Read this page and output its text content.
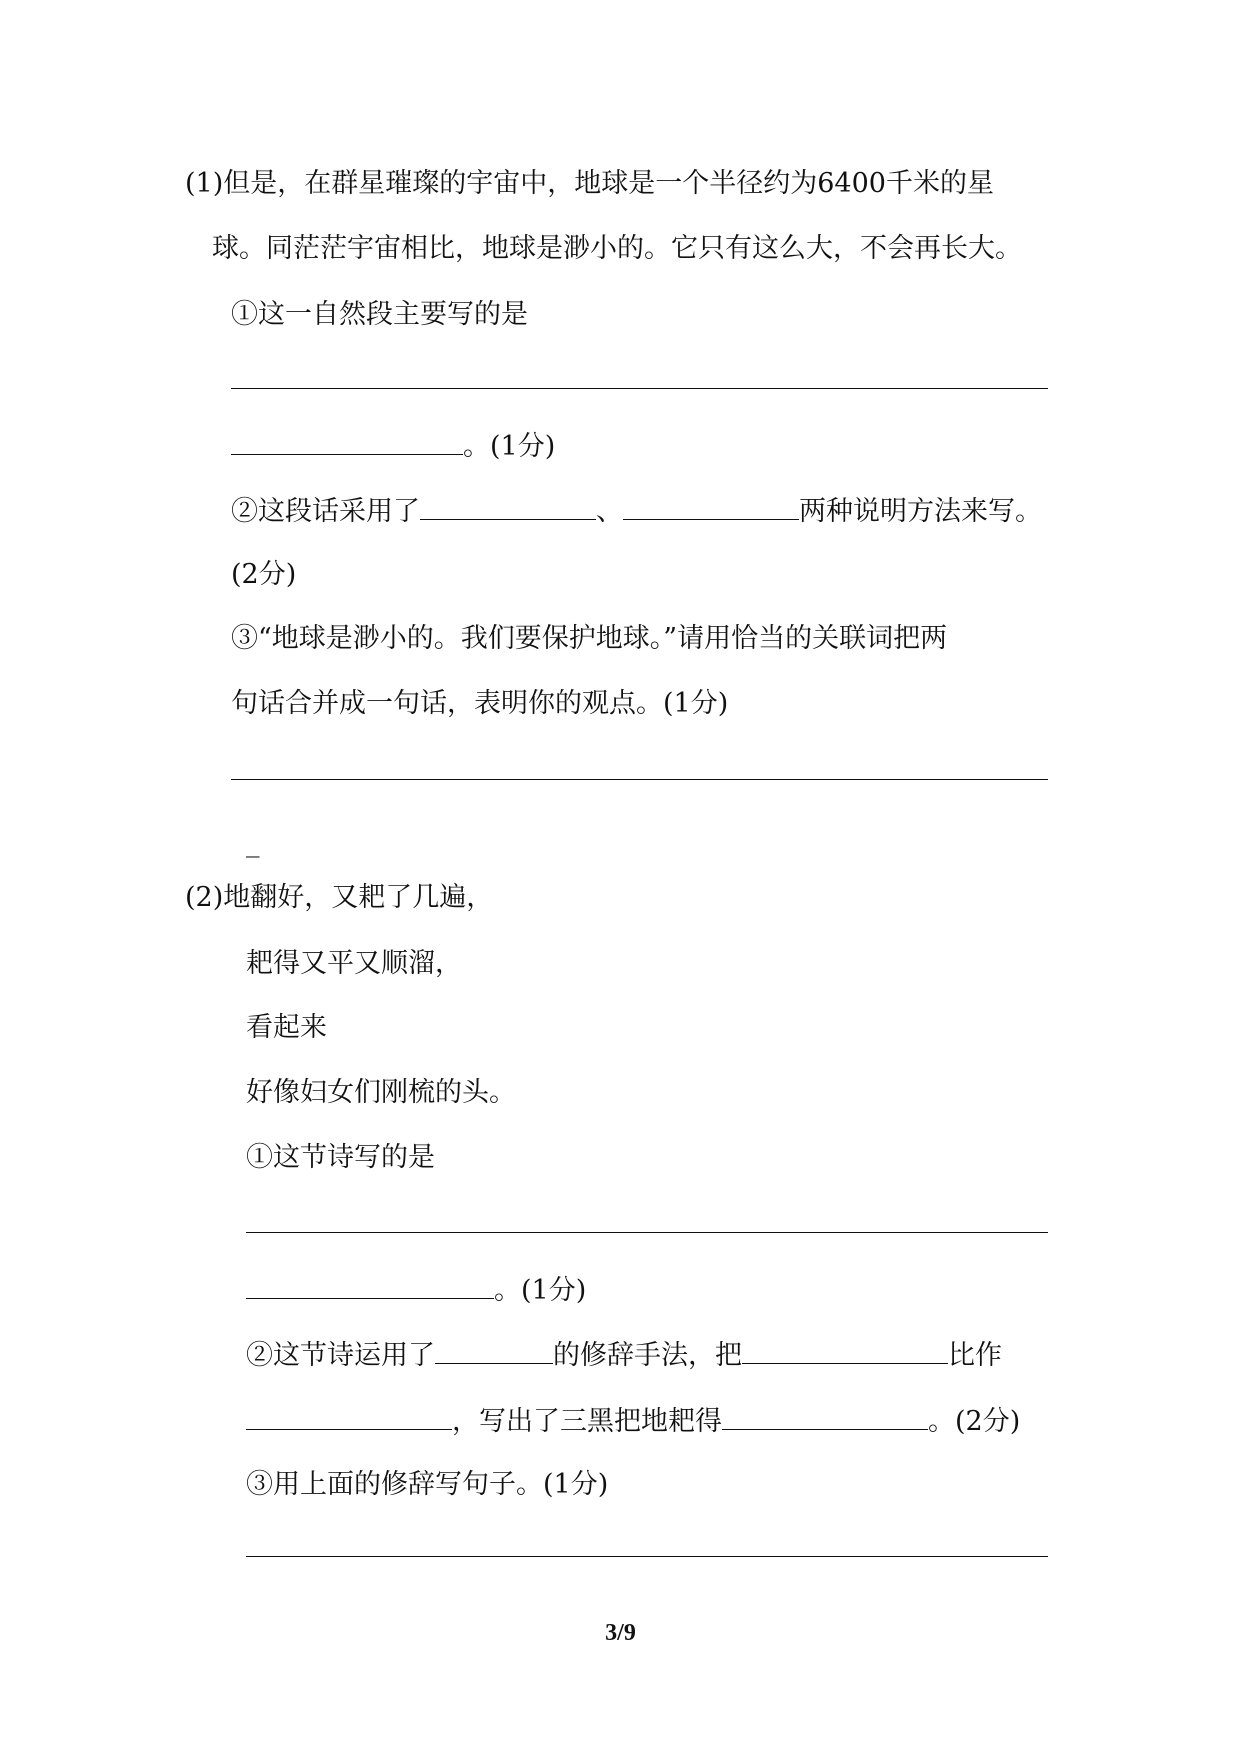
(1)但是，在群星璀璨的宇宙中，地球是一个半径约为6400千米的星
球。同茫茫宇宙相比，地球是渺小的。它只有这么大，不会再长大。
①这一自然段主要写的是
。(1分)
②这段话采用了	、	两种说明方法来写。
(2分)
③“地球是渺小的。我们要保护地球。”请用恰当的关联词把两
句话合并成一句话，表明你的观点。(1分)
_
(2)地翻好，又耙了几遍，
耙得又平又顺溜，
看起来
好像妇女们刚梳的头。
①这节诗写的是
。(1分)
②这节诗运用了	的修辞手法，把	比作
，写出了三黑把地耙得	。(2分)
③用上面的修辞写句子。(1分)
3/9
